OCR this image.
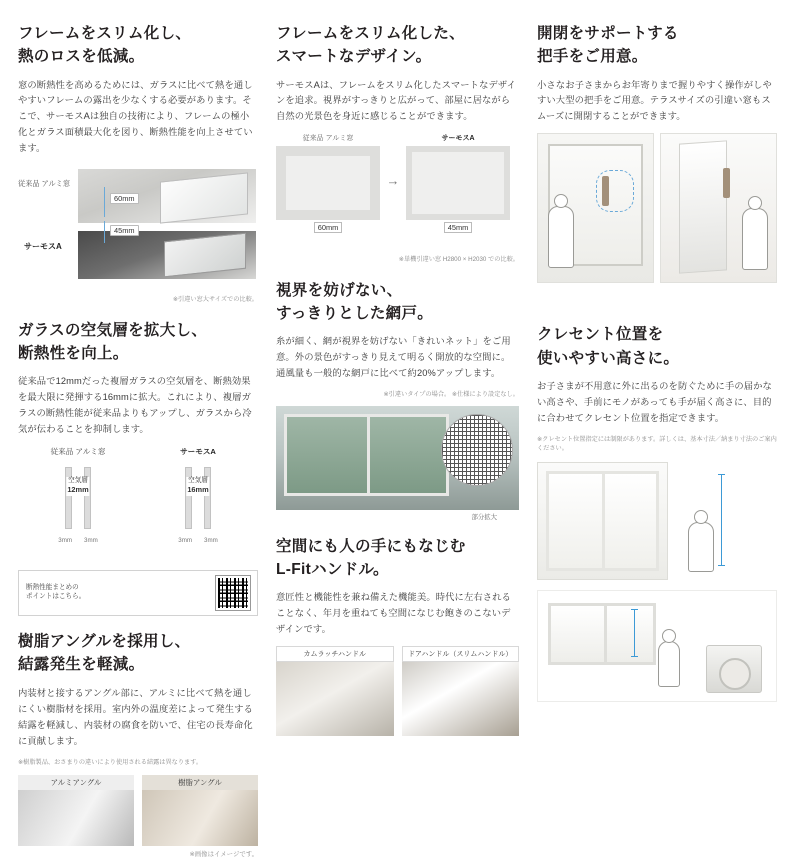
フレームをスリム化し、
熱のロスを低減。

窓の断熱性を高めるためには、ガラスに比べて熱を通しやすいフレームの露出を少なくする必要があります。そこで、サーモスAは独自の技術により、フレームの極小化とガラス面積最大化を図り、断熱性能を向上させています。

従来品 アルミ窓
サーモスA
60mm
45mm

※引違い窓大サイズでの比較。

ガラスの空気層を拡大し、
断熱性を向上。

従来品で12mmだった複層ガラスの空気層を、断熱効果を最大限に発揮する16mmに拡大。これにより、複層ガラスの断熱性能が従来品よりもアップし、ガラスから冷気が伝わることを抑制します。

従来品 アルミ窓
空気層
12mm
3mm 3mm
サーモスA
空気層
16mm
3mm 3mm
断熱性能まとめの
ポイントはこちら。
樹脂アングルを採用し、
結露発生を軽減。

内装材と接するアングル部に、アルミに比べて熱を通しにくい樹脂材を採用。室内外の温度差によって発生する結露を軽減し、内装材の腐食を防いで、住宅の長寿命化に貢献します。

※樹脂製品、おさまりの違いにより使用される結露は異なります。

アルミアングル	樹脂アングル

※画像はイメージです。

フレームをスリム化した、
スマートなデザイン。

サーモスAは、フレームをスリム化したスマートなデザインを追求。視界がすっきりと広がって、部屋に居ながら自然の光景色を身近に感じることができます。

従来品 アルミ窓
60mm
→
サーモスA
45mm

※単機引違い窓 H2800 × H2030 での比較。

視界を妨げない、
すっきりとした網戸。

糸が細く、網が視界を妨げない「きれいネット」をご用意。外の景色がすっきり見えて明るく開放的な空間に。通風量も一般的な網戸に比べて約20%アップします。

※引違いタイプの場合。 ※仕様により設定なし。

部分拡大
空間にも人の手にもなじむ
L-Fitハンドル。

意匠性と機能性を兼ね備えた機能美。時代に左右されることなく、年月を重ねても空間になじむ飽きのこないデザインです。

カムラッチハンドル	ドアハンドル（スリムハンドル）
開閉をサポートする
把手をご用意。

小さなお子さまからお年寄りまで握りやすく操作がしやすい大型の把手をご用意。テラスサイズの引違い窓もスムーズに開閉することができます。

クレセント位置を
使いやすい高さに。

お子さまが不用意に外に出るのを防ぐために手の届かない高さや、手前にモノがあっても手が届く高さに、目的に合わせてクレセント位置を指定できます。

※クレセント位置指定には制限があります。詳しくは、基本寸法／納まり寸法のご案内ください。
